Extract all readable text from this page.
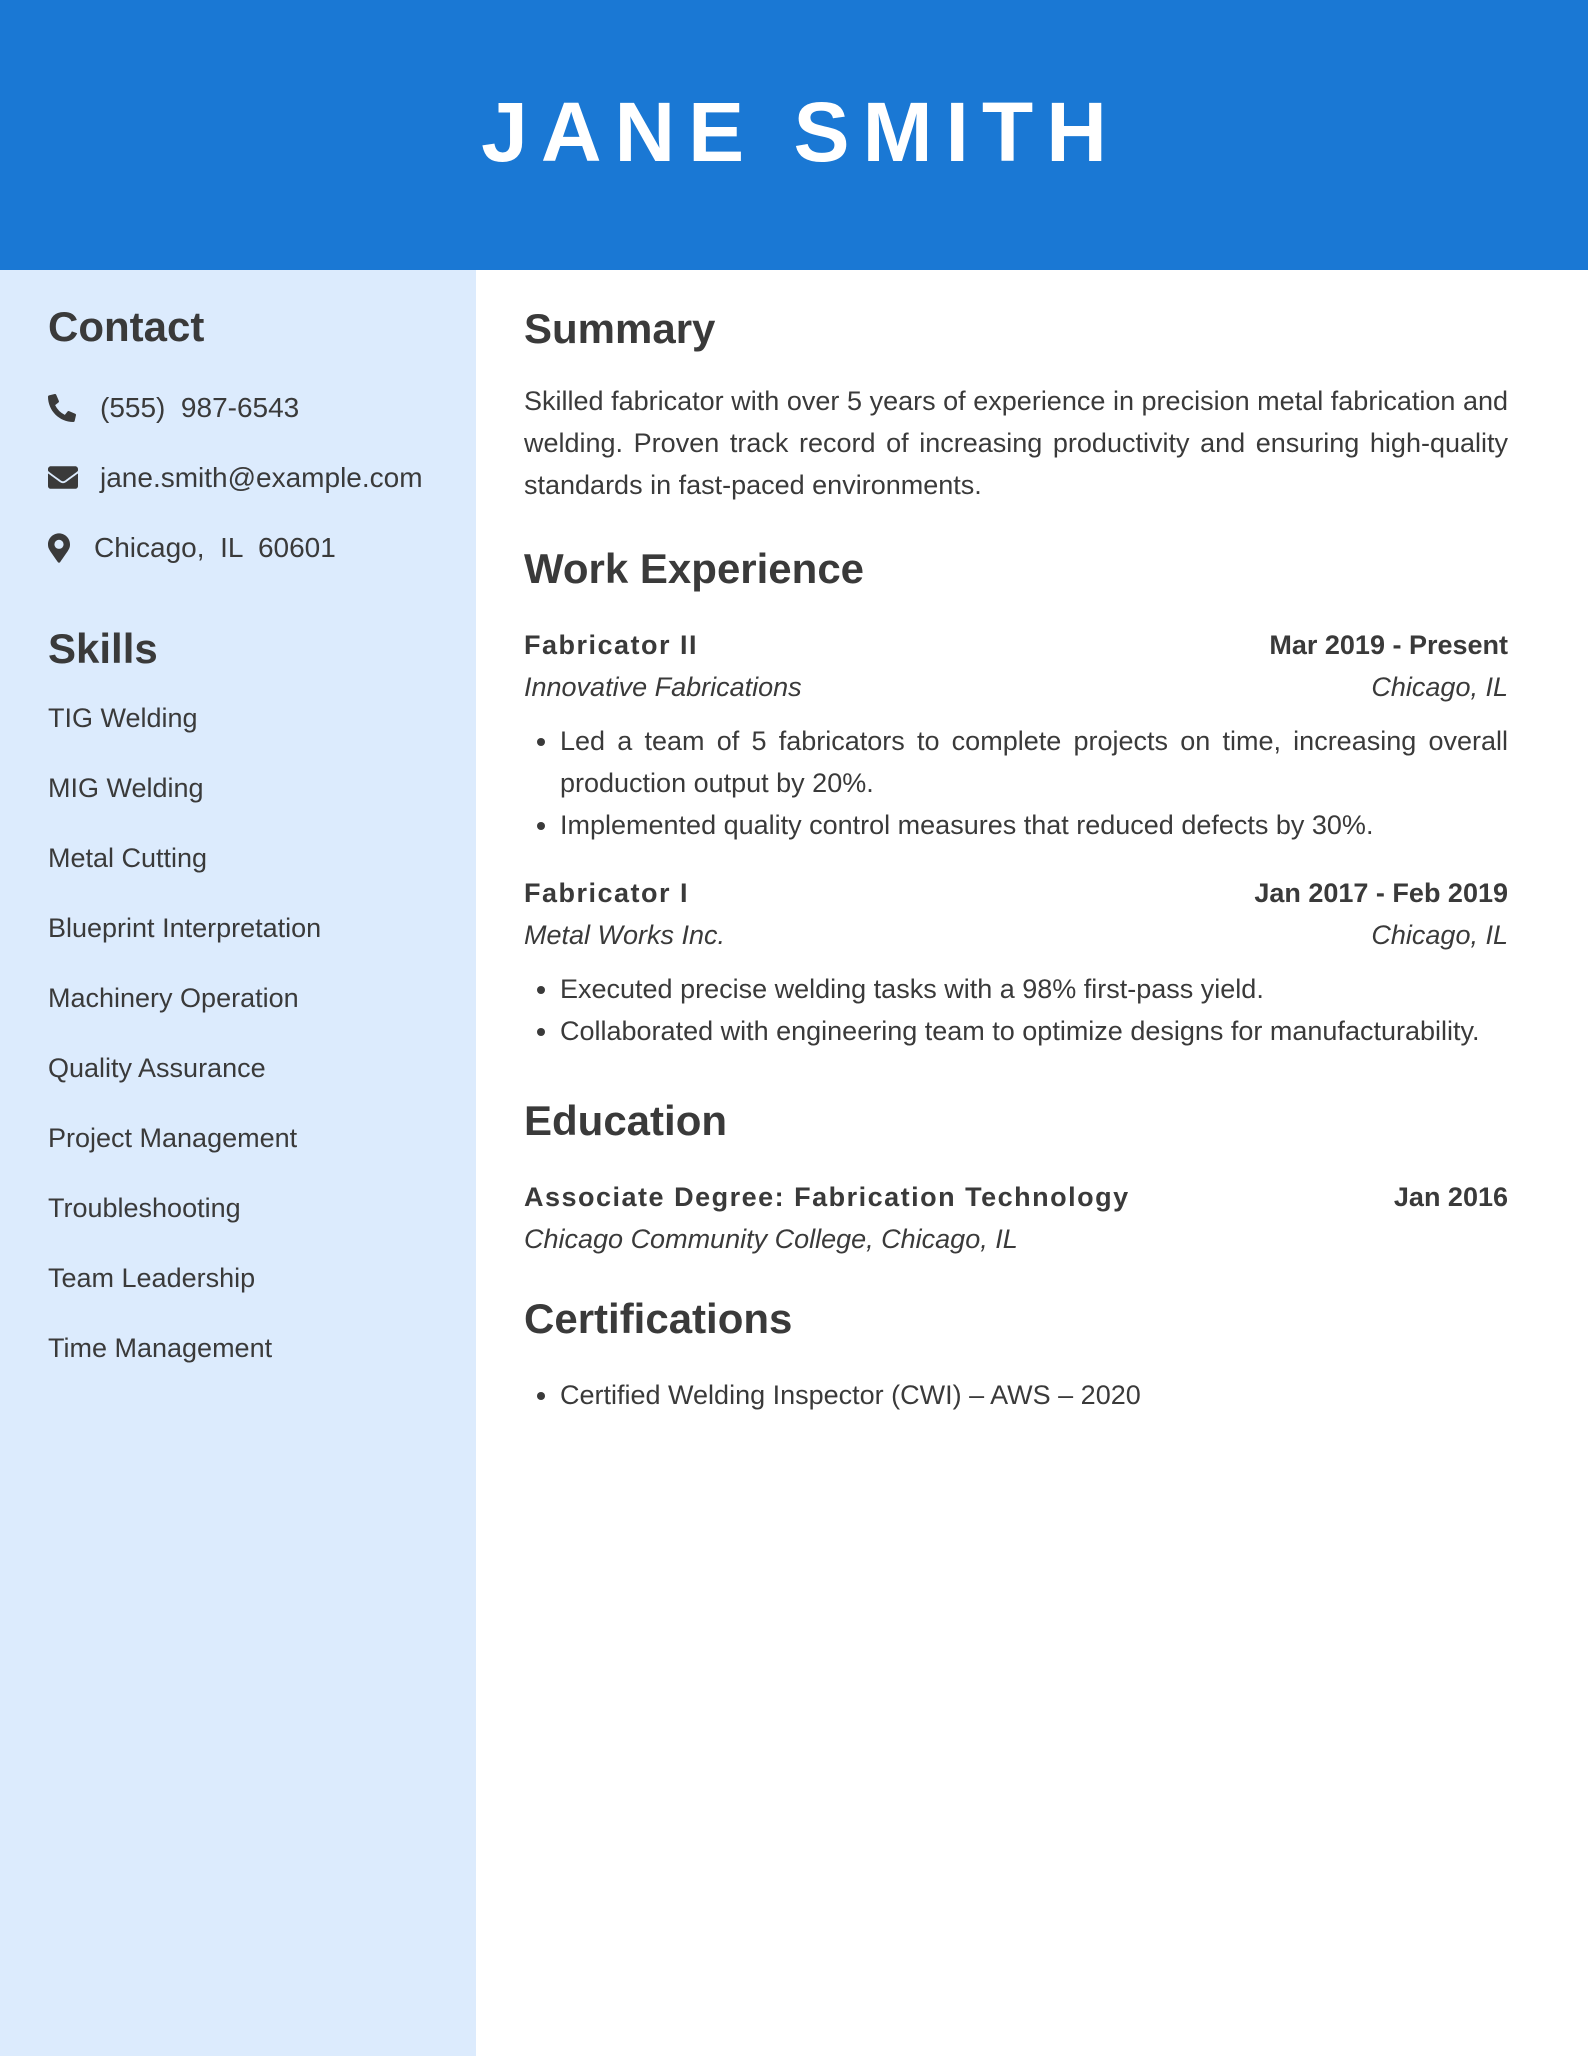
JANE SMITH
Contact
(555)  987-6543
jane.smith@example.com
Chicago,  IL  60601
Skills
TIG Welding
MIG Welding
Metal Cutting
Blueprint Interpretation
Machinery Operation
Quality Assurance
Project Management
Troubleshooting
Team Leadership
Time Management
Summary

Skilled fabricator with over 5 years of experience in precision metal fabrication and welding. Proven track record of increasing productivity and ensuring high-quality standards in fast-paced environments.

Work Experience
Fabricator II	Mar 2019 - Present
Innovative Fabrications	Chicago, IL
• Led a team of 5 fabricators to complete projects on time, increasing overall production output by 20%.
• Implemented quality control measures that reduced defects by 30%.
Fabricator I	Jan 2017 - Feb 2019
Metal Works Inc.	Chicago, IL
• Executed precise welding tasks with a 98% first-pass yield.
• Collaborated with engineering team to optimize designs for manufacturability.
Education
Associate Degree: Fabrication Technology	Jan 2016
Chicago Community College, Chicago, IL
Certifications
• Certified Welding Inspector (CWI) – AWS – 2020
